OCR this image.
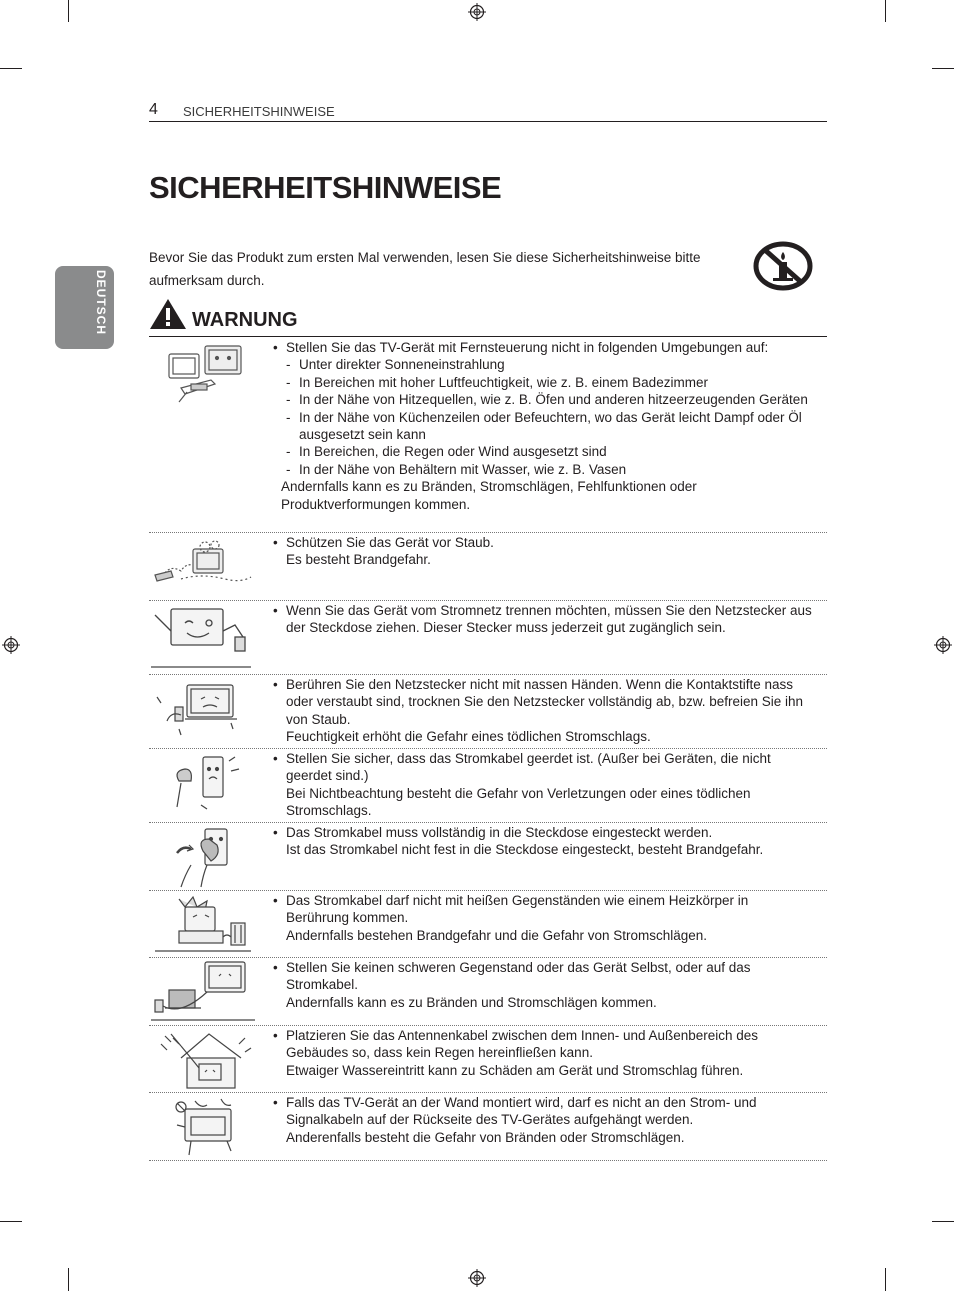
4 SICHERHEITSHINWEISE
DEUTSCH
SICHERHEITSHINWEISE
Bevor Sie das Produkt zum ersten Mal verwenden, lesen Sie diese Sicherheitshinweise bitte aufmerksam durch.
WARNUNG
• Stellen Sie das TV-Gerät mit Fernsteuerung nicht in folgenden Umgebungen auf:
- Unter direkter Sonneneinstrahlung
- In Bereichen mit hoher Luftfeuchtigkeit, wie z. B. einem Badezimmer
- In der Nähe von Hitzequellen, wie z. B. Öfen und anderen hitzeerzeugenden Geräten
- In der Nähe von Küchenzeilen oder Befeuchtern, wo das Gerät leicht Dampf oder Öl ausgesetzt sein kann
- In Bereichen, die Regen oder Wind ausgesetzt sind
- In der Nähe von Behältern mit Wasser, wie z. B. Vasen
Andernfalls kann es zu Bränden, Stromschlägen, Fehlfunktionen oder Produktverformungen kommen.
• Schützen Sie das Gerät vor Staub.
Es besteht Brandgefahr.
• Wenn Sie das Gerät vom Stromnetz trennen möchten, müssen Sie den Netzstecker aus der Steckdose ziehen. Dieser Stecker muss jederzeit gut zugänglich sein.
• Berühren Sie den Netzstecker nicht mit nassen Händen. Wenn die Kontaktstifte nass oder verstaubt sind, trocknen Sie den Netzstecker vollständig ab, bzw. befreien Sie ihn von Staub.
Feuchtigkeit erhöht die Gefahr eines tödlichen Stromschlags.
• Stellen Sie sicher, dass das Stromkabel geerdet ist. (Außer bei Geräten, die nicht geerdet sind.)
Bei Nichtbeachtung besteht die Gefahr von Verletzungen oder eines tödlichen Stromschlags.
• Das Stromkabel muss vollständig in die Steckdose eingesteckt werden.
Ist das Stromkabel nicht fest in die Steckdose eingesteckt, besteht Brandgefahr.
• Das Stromkabel darf nicht mit heißen Gegenständen wie einem Heizkörper in Berührung kommen.
Andernfalls bestehen Brandgefahr und die Gefahr von Stromschlägen.
• Stellen Sie keinen schweren Gegenstand oder das Gerät Selbst, oder auf das Stromkabel.
Andernfalls kann es zu Bränden und Stromschlägen kommen.
• Platzieren Sie das Antennenkabel zwischen dem Innen- und Außenbereich des Gebäudes so, dass kein Regen hereinfließen kann.
Etwaiger Wassereintritt kann zu Schäden am Gerät und Stromschlag führen.
• Falls das TV-Gerät an der Wand montiert wird, darf es nicht an den Strom- und Signalkabeln auf der Rückseite des TV-Gerätes aufgehängt werden.
Anderenfalls besteht die Gefahr von Bränden oder Stromschlägen.
